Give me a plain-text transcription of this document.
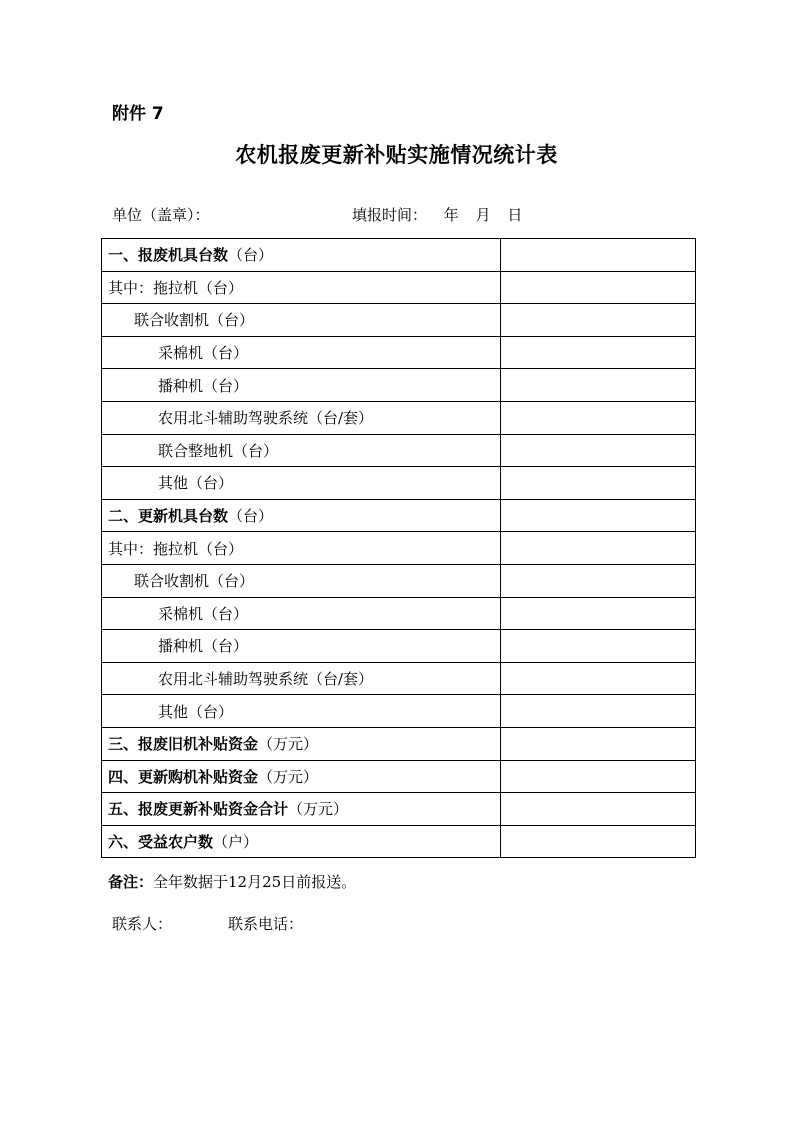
附件 7
农机报废更新补贴实施情况统计表
单位（盖章）：	填报时间： 年 月 日
一、报废机具台数（台）	
其中：拖拉机（台）	
联合收割机（台）	
采棉机（台）	
播种机（台）	
农用北斗辅助驾驶系统（台/套）	
联合整地机（台）	
其他（台）	
二、更新机具台数（台）	
其中：拖拉机（台）	
联合收割机（台）	
采棉机（台）	
播种机（台）	
农用北斗辅助驾驶系统（台/套）	
其他（台）	
三、报废旧机补贴资金（万元）	
四、更新购机补贴资金（万元）	
五、报废更新补贴资金合计（万元）	
六、受益农户数（户）	
备注：全年数据于12月25日前报送。
联系人：	联系电话：
